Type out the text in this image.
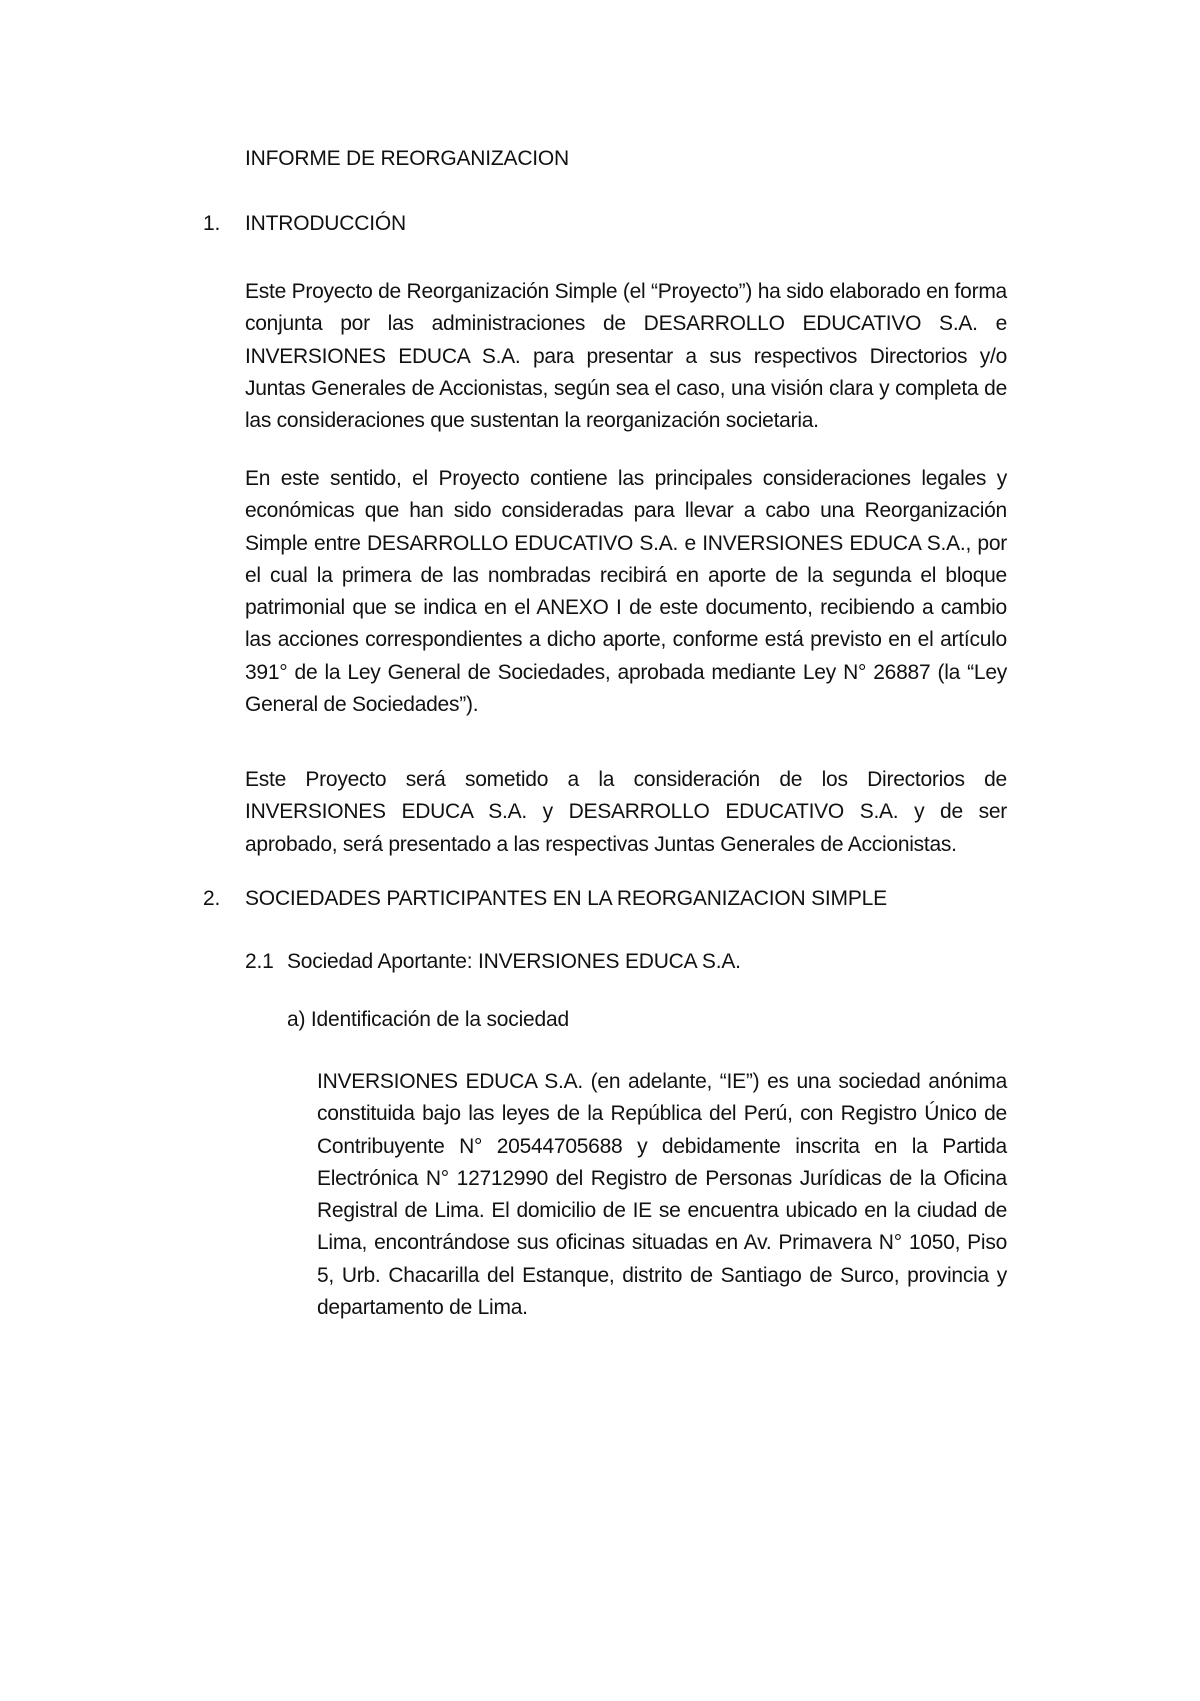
INFORME DE REORGANIZACION
1. INTRODUCCIÓN

Este Proyecto de Reorganización Simple (el “Proyecto”) ha sido elaborado en forma conjunta por las administraciones de DESARROLLO EDUCATIVO S.A. e INVERSIONES EDUCA S.A. para presentar a sus respectivos Directorios y/o Juntas Generales de Accionistas, según sea el caso, una visión clara y completa de las consideraciones que sustentan la reorganización societaria.

En este sentido, el Proyecto contiene las principales consideraciones legales y económicas que han sido consideradas para llevar a cabo una Reorganización Simple entre DESARROLLO EDUCATIVO S.A. e INVERSIONES EDUCA S.A., por el cual la primera de las nombradas recibirá en aporte de la segunda el bloque patrimonial que se indica en el ANEXO I de este documento, recibiendo a cambio las acciones correspondientes a dicho aporte, conforme está previsto en el artículo 391° de la Ley General de Sociedades, aprobada mediante Ley N° 26887 (la “Ley General de Sociedades”).

Este Proyecto será sometido a la consideración de los Directorios de INVERSIONES EDUCA S.A. y DESARROLLO EDUCATIVO S.A. y de ser aprobado, será presentado a las respectivas Juntas Generales de Accionistas.

2. SOCIEDADES PARTICIPANTES EN LA REORGANIZACION SIMPLE
2.1 Sociedad Aportante: INVERSIONES EDUCA S.A.
a) Identificación de la sociedad

INVERSIONES EDUCA S.A. (en adelante, “IE”) es una sociedad anónima constituida bajo las leyes de la República del Perú, con Registro Único de Contribuyente N° 20544705688 y debidamente inscrita en la Partida Electrónica N° 12712990 del Registro de Personas Jurídicas de la Oficina Registral de Lima. El domicilio de IE se encuentra ubicado en la ciudad de Lima, encontrándose sus oficinas situadas en Av. Primavera N° 1050, Piso 5, Urb. Chacarilla del Estanque, distrito de Santiago de Surco, provincia y departamento de Lima.
